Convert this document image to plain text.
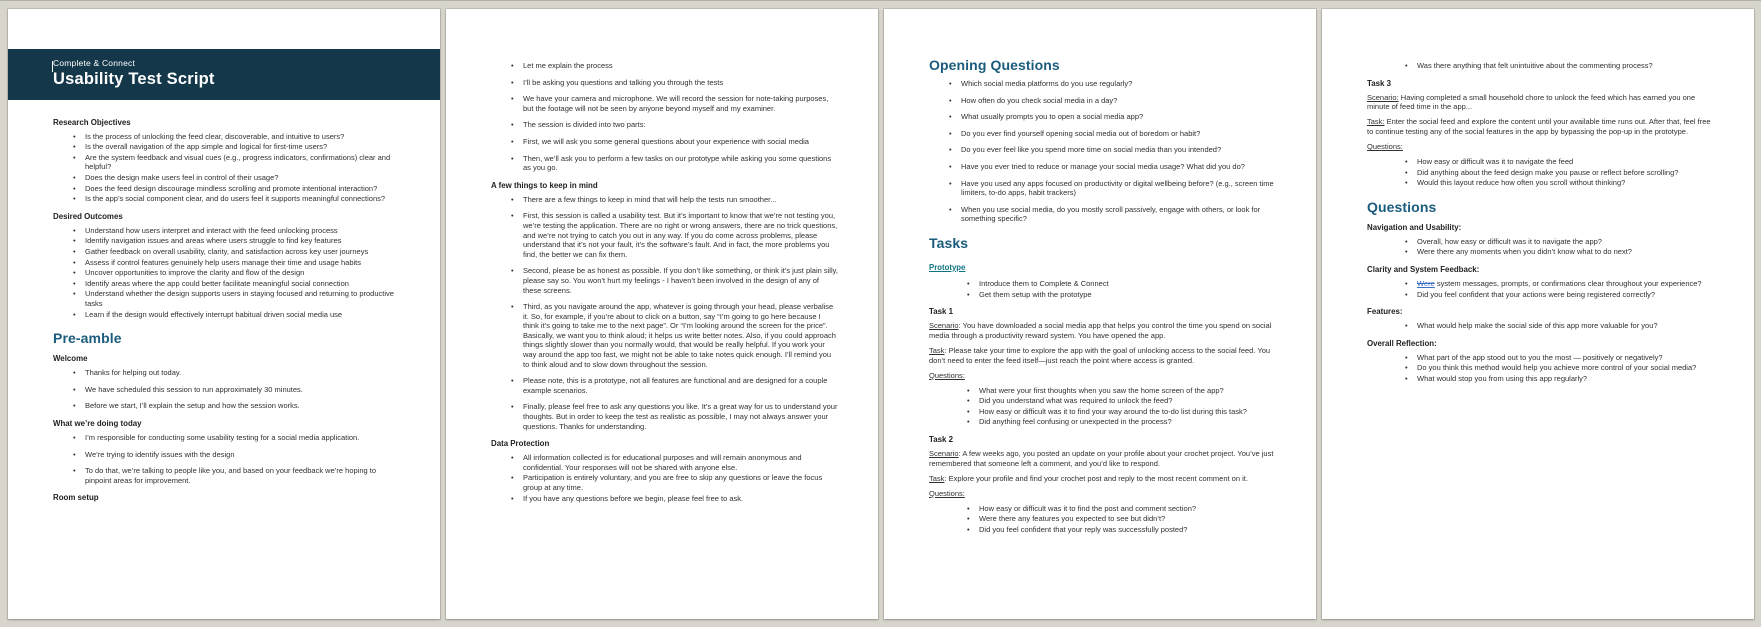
Complete & Connect
Usability Test Script
Research Objectives
• Is the process of unlocking the feed clear, discoverable, and intuitive to users?
• Is the overall navigation of the app simple and logical for first-time users?
• Are the system feedback and visual cues (e.g., progress indicators, confirmations) clear and helpful?
• Does the design make users feel in control of their usage?
• Does the feed design discourage mindless scrolling and promote intentional interaction?
• Is the app’s social component clear, and do users feel it supports meaningful connections?
Desired Outcomes
• Understand how users interpret and interact with the feed unlocking process
• Identify navigation issues and areas where users struggle to find key features
• Gather feedback on overall usability, clarity, and satisfaction across key user journeys
• Assess if control features genuinely help users manage their time and usage habits
• Uncover opportunities to improve the clarity and flow of the design
• Identify areas where the app could better facilitate meaningful social connection
• Understand whether the design supports users in staying focused and returning to productive tasks
• Learn if the design would effectively interrupt habitual driven social media use
Pre-amble
Welcome
• Thanks for helping out today.
• We have scheduled this session to run approximately 30 minutes.
• Before we start, I’ll explain the setup and how the session works.
What we’re doing today
• I’m responsible for conducting some usability testing for a social media application.
• We’re trying to identify issues with the design
• To do that, we’re talking to people like you, and based on your feedback we’re hoping to pinpoint areas for improvement.
Room setup
• Let me explain the process
• I’ll be asking you questions and talking you through the tests
• We have your camera and microphone. We will record the session for note-taking purposes, but the footage will not be seen by anyone beyond myself and my examiner.
• The session is divided into two parts:
• First, we will ask you some general questions about your experience with social media
• Then, we’ll ask you to perform a few tasks on our prototype while asking you some questions as you go.
A few things to keep in mind
• There are a few things to keep in mind that will help the tests run smoother...
• First, this session is called a usability test. But it’s important to know that we’re not testing you, we’re testing the application. There are no right or wrong answers, there are no trick questions, and we’re not trying to catch you out in any way. If you do come across problems, please understand that it’s not your fault, it’s the software’s fault. And in fact, the more problems you find, the better we can fix them.
• Second, please be as honest as possible. If you don’t like something, or think it’s just plain silly, please say so. You won’t hurt my feelings - I haven’t been involved in the design of any of these screens.
• Third, as you navigate around the app, whatever is going through your head, please verbalise it. So, for example, if you’re about to click on a button, say “I’m going to go here because I think it’s going to take me to the next page”. Or “I’m looking around the screen for the price”. Basically, we want you to think aloud; it helps us write better notes. Also, if you could approach things slightly slower than you normally would, that would be really helpful. If you work your way around the app too fast, we might not be able to take notes quick enough. I’ll remind you to think aloud and to slow down throughout the session.
• Please note, this is a prototype, not all features are functional and are designed for a couple example scenarios.
• Finally, please feel free to ask any questions you like. It’s a great way for us to understand your thoughts. But in order to keep the test as realistic as possible, I may not always answer your questions. Thanks for understanding.
Data Protection
• All information collected is for educational purposes and will remain anonymous and confidential. Your responses will not be shared with anyone else.
• Participation is entirely voluntary, and you are free to skip any questions or leave the focus group at any time.
• If you have any questions before we begin, please feel free to ask.
Opening Questions
• Which social media platforms do you use regularly?
• How often do you check social media in a day?
• What usually prompts you to open a social media app?
• Do you ever find yourself opening social media out of boredom or habit?
• Do you ever feel like you spend more time on social media than you intended?
• Have you ever tried to reduce or manage your social media usage? What did you do?
• Have you used any apps focused on productivity or digital wellbeing before? (e.g., screen time limiters, to-do apps, habit trackers)
• When you use social media, do you mostly scroll passively, engage with others, or look for something specific?
Tasks
Prototype
• Introduce them to Complete & Connect
• Get them setup with the prototype
Task 1

Scenario: You have downloaded a social media app that helps you control the time you spend on social media through a productivity reward system. You have opened the app.

Task: Please take your time to explore the app with the goal of unlocking access to the social feed. You don’t need to enter the feed itself—just reach the point where access is granted.

Questions:

• What were your first thoughts when you saw the home screen of the app?
• Did you understand what was required to unlock the feed?
• How easy or difficult was it to find your way around the to-do list during this task?
• Did anything feel confusing or unexpected in the process?
Task 2

Scenario: A few weeks ago, you posted an update on your profile about your crochet project. You’ve just remembered that someone left a comment, and you’d like to respond.

Task: Explore your profile and find your crochet post and reply to the most recent comment on it.

Questions:

• How easy or difficult was it to find the post and comment section?
• Were there any features you expected to see but didn’t?
• Did you feel confident that your reply was successfully posted?
• Was there anything that felt unintuitive about the commenting process?
Task 3

Scenario: Having completed a small household chore to unlock the feed which has earned you one minute of feed time in the app...

Task: Enter the social feed and explore the content until your available time runs out. After that, feel free to continue testing any of the social features in the app by bypassing the pop-up in the prototype.

Questions:

• How easy or difficult was it to navigate the feed
• Did anything about the feed design make you pause or reflect before scrolling?
• Would this layout reduce how often you scroll without thinking?
Questions
Navigation and Usability:
• Overall, how easy or difficult was it to navigate the app?
• Were there any moments when you didn’t know what to do next?
Clarity and System Feedback:
• Were system messages, prompts, or confirmations clear throughout your experience?
• Did you feel confident that your actions were being registered correctly?
Features:
• What would help make the social side of this app more valuable for you?
Overall Reflection:
• What part of the app stood out to you the most — positively or negatively?
• Do you think this method would help you achieve more control of your social media?
• What would stop you from using this app regularly?
